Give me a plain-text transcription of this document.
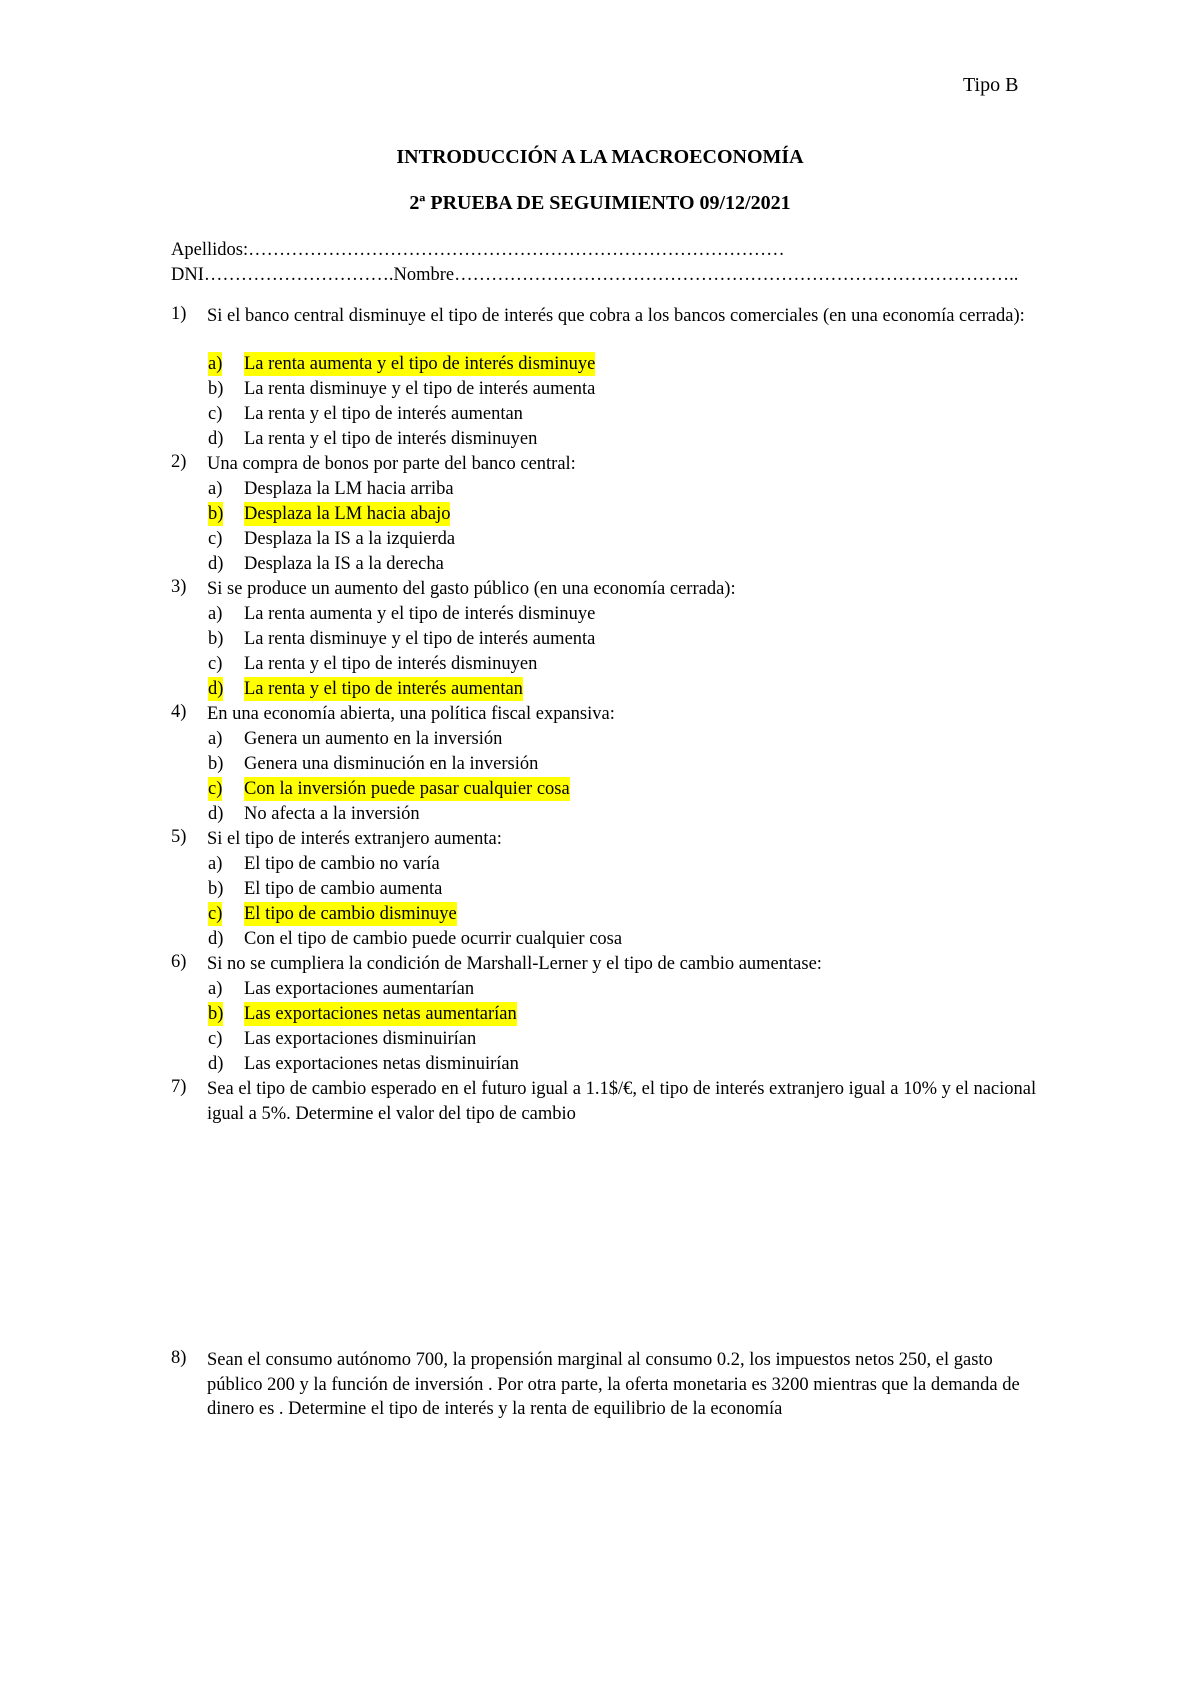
Tipo B
INTRODUCCIÓN A LA MACROECONOMÍA
2ª PRUEBA DE SEGUIMIENTO 09/12/2021
Apellidos:……………………………………………………………………………
DNI………………………….Nombre………………………………………………………………………………..
1) Si el banco central disminuye el tipo de interés que cobra a los bancos comerciales (en una economía cerrada):
a) La renta aumenta y el tipo de interés disminuye
b) La renta disminuye y el tipo de interés aumenta
c) La renta y el tipo de interés aumentan
d) La renta y el tipo de interés disminuyen
2) Una compra de bonos por parte del banco central:
a) Desplaza la LM hacia arriba
b) Desplaza la LM hacia abajo
c) Desplaza la IS a la izquierda
d) Desplaza la IS a la derecha
3) Si se produce un aumento del gasto público (en una economía cerrada):
a) La renta aumenta y el tipo de interés disminuye
b) La renta disminuye y el tipo de interés aumenta
c) La renta y el tipo de interés disminuyen
d) La renta y el tipo de interés aumentan
4) En una economía abierta, una política fiscal expansiva:
a) Genera un aumento en la inversión
b) Genera una disminución en la inversión
c) Con la inversión puede pasar cualquier cosa
d) No afecta a la inversión
5) Si el tipo de interés extranjero aumenta:
a) El tipo de cambio no varía
b) El tipo de cambio aumenta
c) El tipo de cambio disminuye
d) Con el tipo de cambio puede ocurrir cualquier cosa
6) Si no se cumpliera la condición de Marshall-Lerner y el tipo de cambio aumentase:
a) Las exportaciones aumentarían
b) Las exportaciones netas aumentarían
c) Las exportaciones disminuirían
d) Las exportaciones netas disminuirían
7) Sea el tipo de cambio esperado en el futuro igual a 1.1$/€, el tipo de interés extranjero igual a 10% y el nacional igual a 5%. Determine el valor del tipo de cambio
8) Sean el consumo autónomo 700, la propensión marginal al consumo 0.2, los impuestos netos 250, el gasto público 200 y la función de inversión . Por otra parte, la oferta monetaria es 3200 mientras que la demanda de dinero es . Determine el tipo de interés y la renta de equilibrio de la economía
